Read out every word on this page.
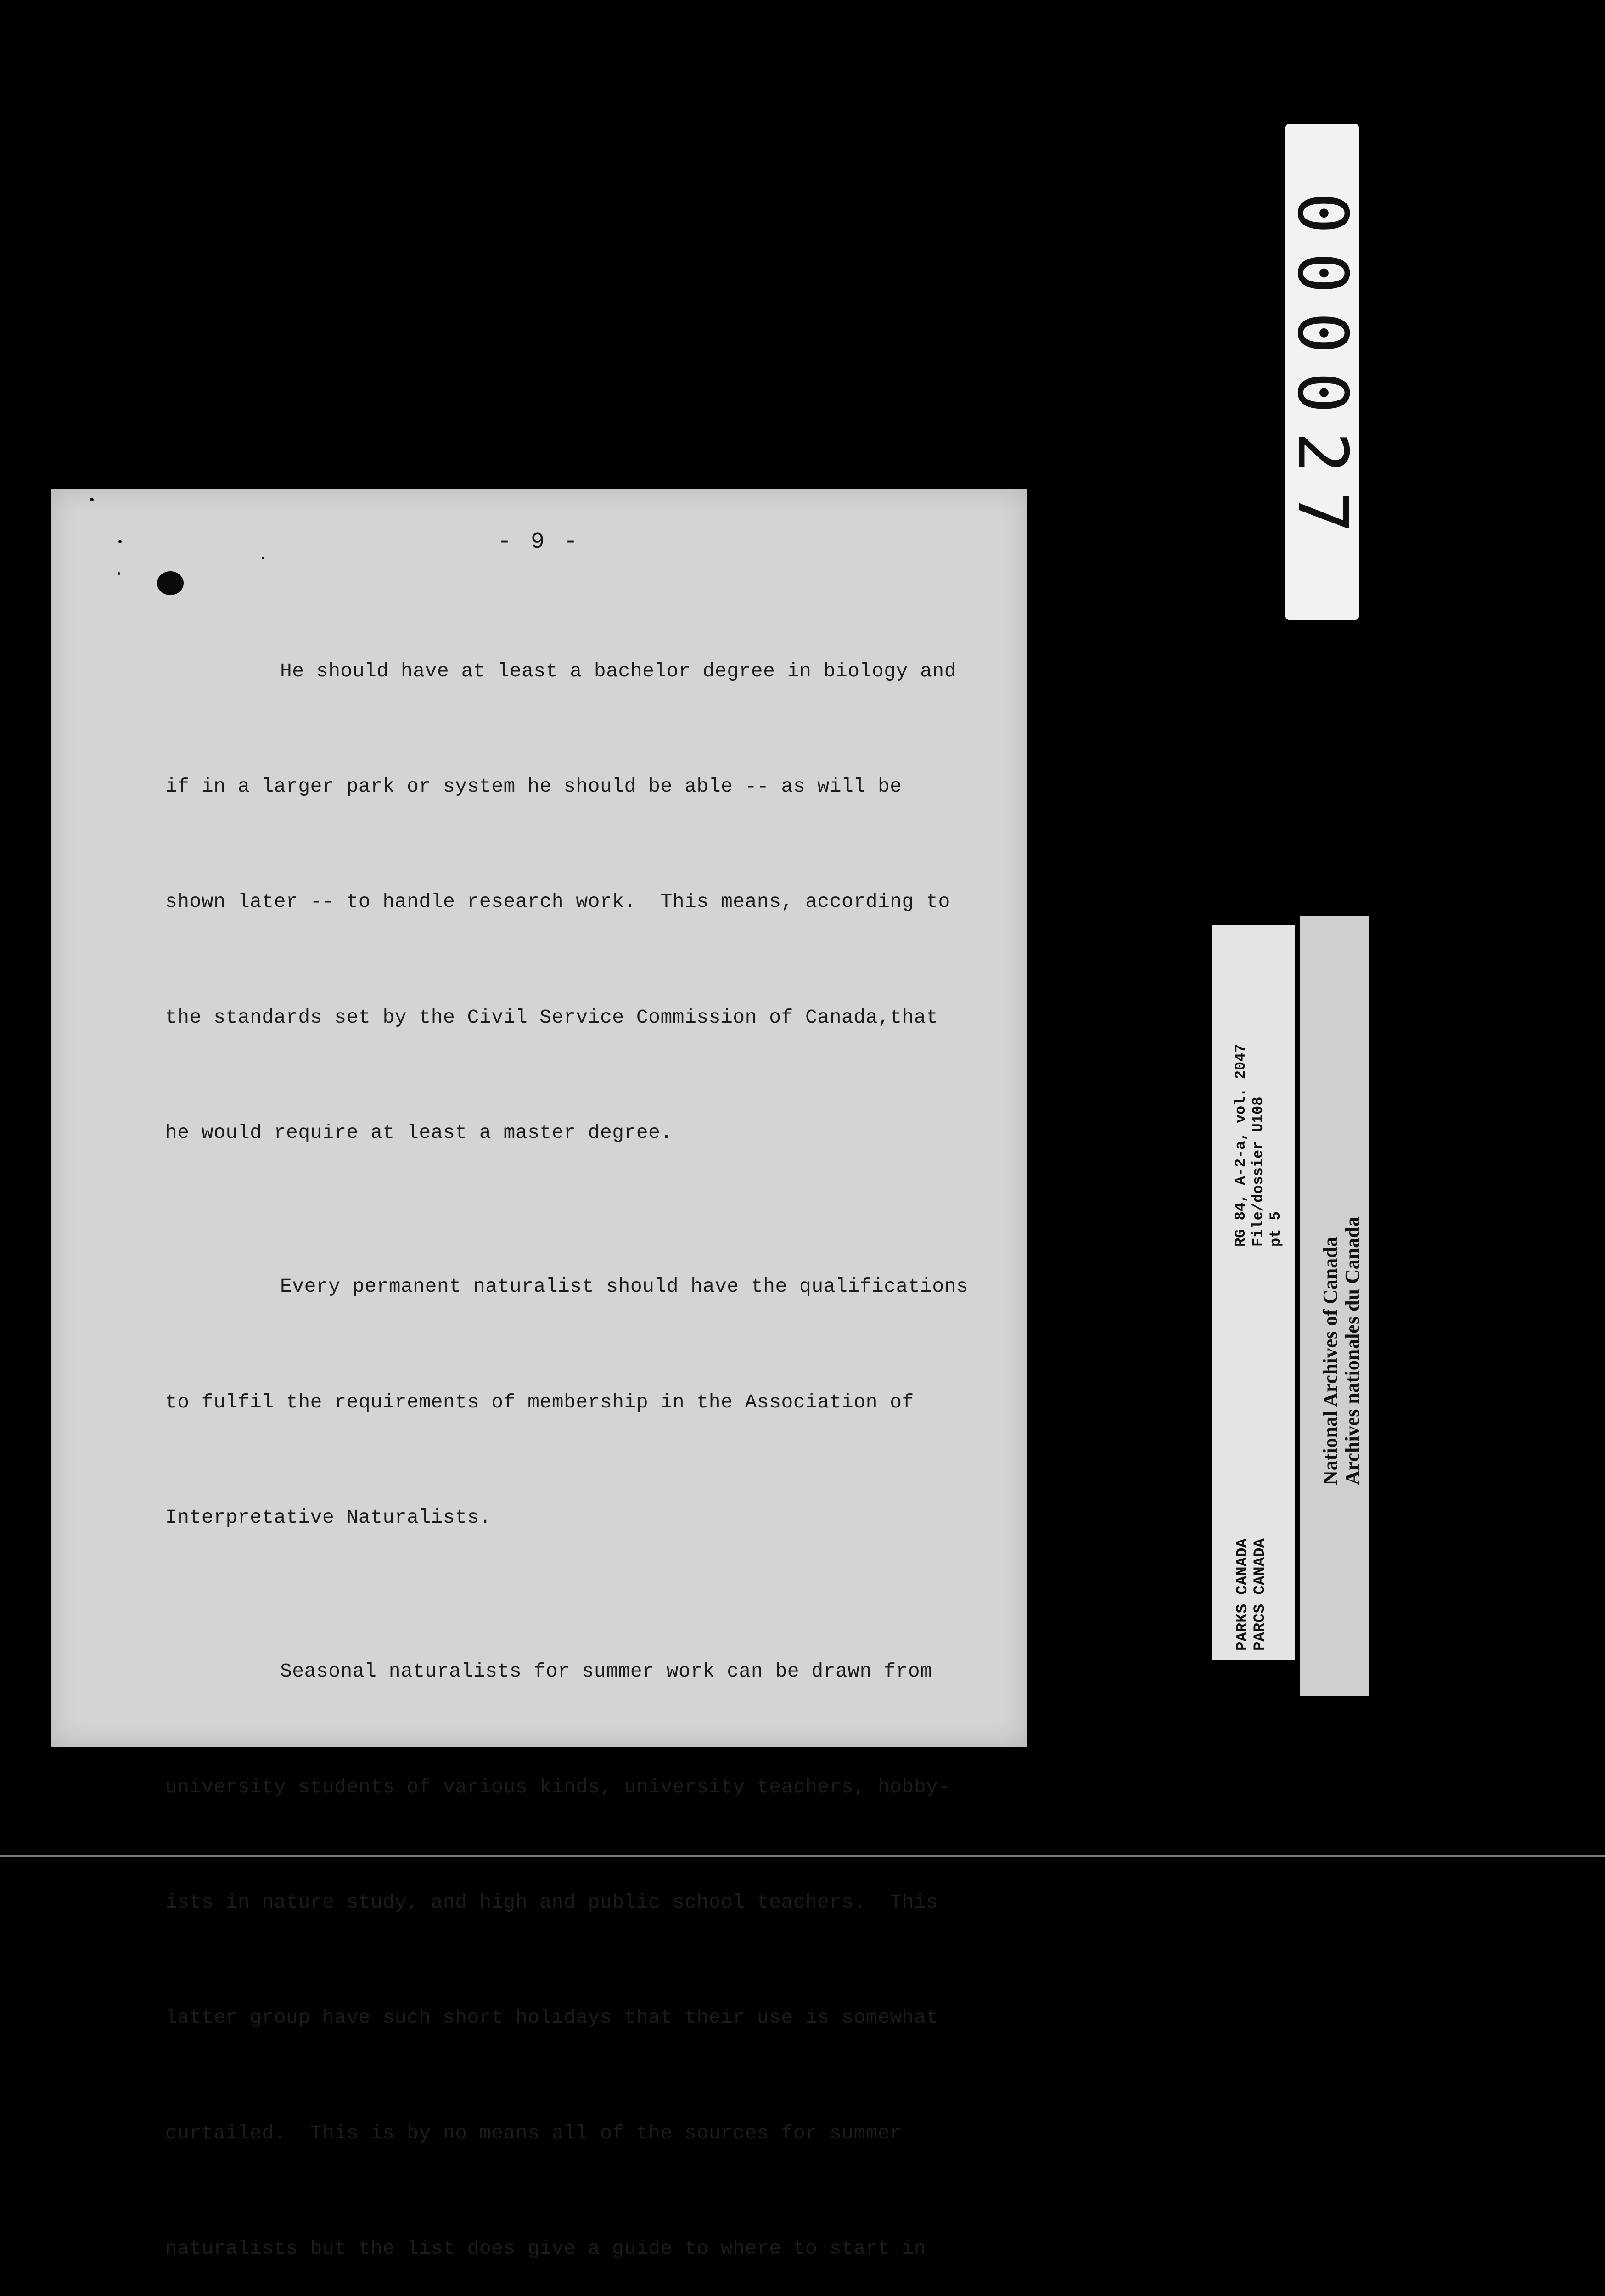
- 9 -

He should have at least a bachelor degree in biology and

if in a larger park or system he should be able -- as will be

shown later -- to handle research work.  This means, according to

the standards set by the Civil Service Commission of Canada,that

he would require at least a master degree.

Every permanent naturalist should have the qualifications

to fulfil the requirements of membership in the Association of

Interpretative Naturalists.

Seasonal naturalists for summer work can be drawn from

university students of various kinds, university teachers, hobby-

ists in nature study, and high and public school teachers.  This

latter group have such short holidays that their use is somewhat

curtailed.  This is by no means all of the sources for summer

naturalists but the list does give a guide to where to start in

000027
PARKS CANADA PARCS CANADA
RG 84, A-2-a, vol. 2047 File/dossier U108 pt 5
National Archives of Canada Archives nationales du Canada
